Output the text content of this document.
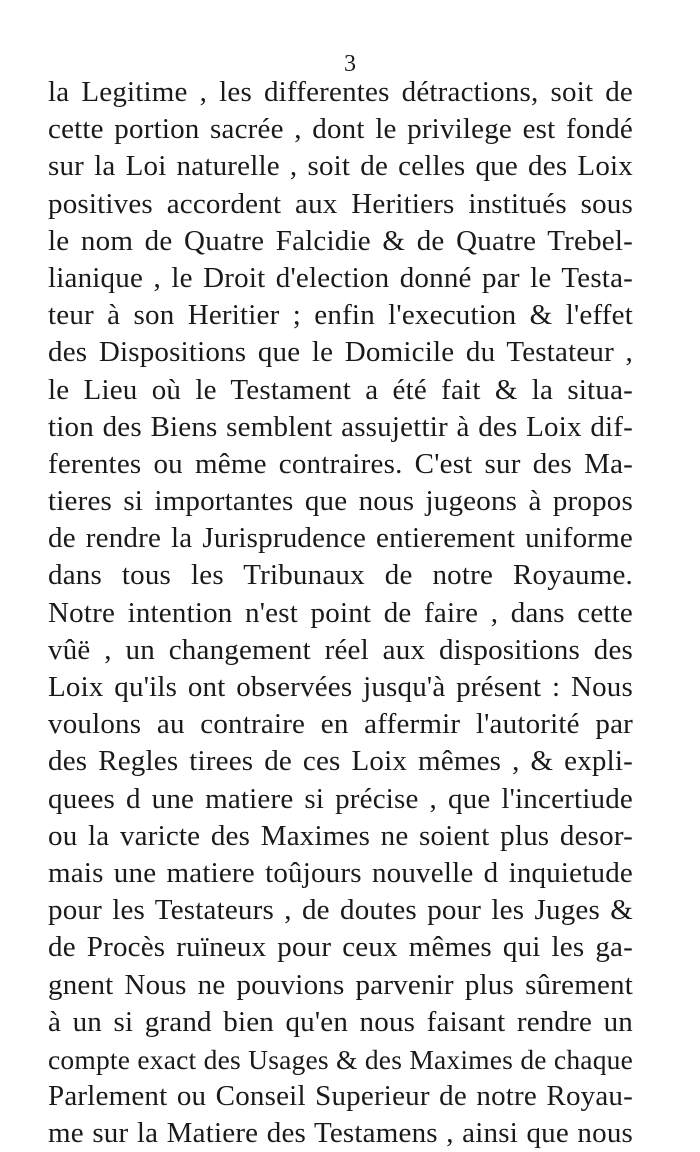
3
la Legitime , les differentes détractions, soit de
cette portion sacrée , dont le privilege est fondé
sur la Loi naturelle , soit de celles que des Loix
positives accordent aux Heritiers institués sous
le nom de Quatre Falcidie & de Quatre Trebel-
lianique , le Droit d'election donné par le Testa-
teur à son Heritier ; enfin l'execution & l'effet
des Dispositions que le Domicile du Testateur ,
le Lieu où le Testament a été fait & la situa-
tion des Biens semblent assujettir à des Loix dif-
ferentes ou même contraires. C'est sur des Ma-
tieres si importantes que nous jugeons à propos
de rendre la Jurisprudence entierement uniforme
dans tous les Tribunaux de notre Royaume.
Notre intention n'est point de faire , dans cette
vûë , un changement réel aux dispositions des
Loix qu'ils ont observées jusqu'à présent : Nous
voulons au contraire en affermir l'autorité par
des Regles tirees de ces Loix mêmes , & expli-
quees d une matiere si précise , que l'incertiude
ou la varicte des Maximes ne soient plus desor-
mais une matiere toûjours nouvelle d inquietude
pour les Testateurs , de doutes pour les Juges &
de Procès ruïneux pour ceux mêmes qui les ga-
gnent Nous ne pouvions parvenir plus sûrement
à un si grand bien qu'en nous faisant rendre un
compte exact des Usages & des Maximes de chaque
Parlement ou Conseil Superieur de notre Royau-
me sur la Matiere des Testamens , ainsi que nous
